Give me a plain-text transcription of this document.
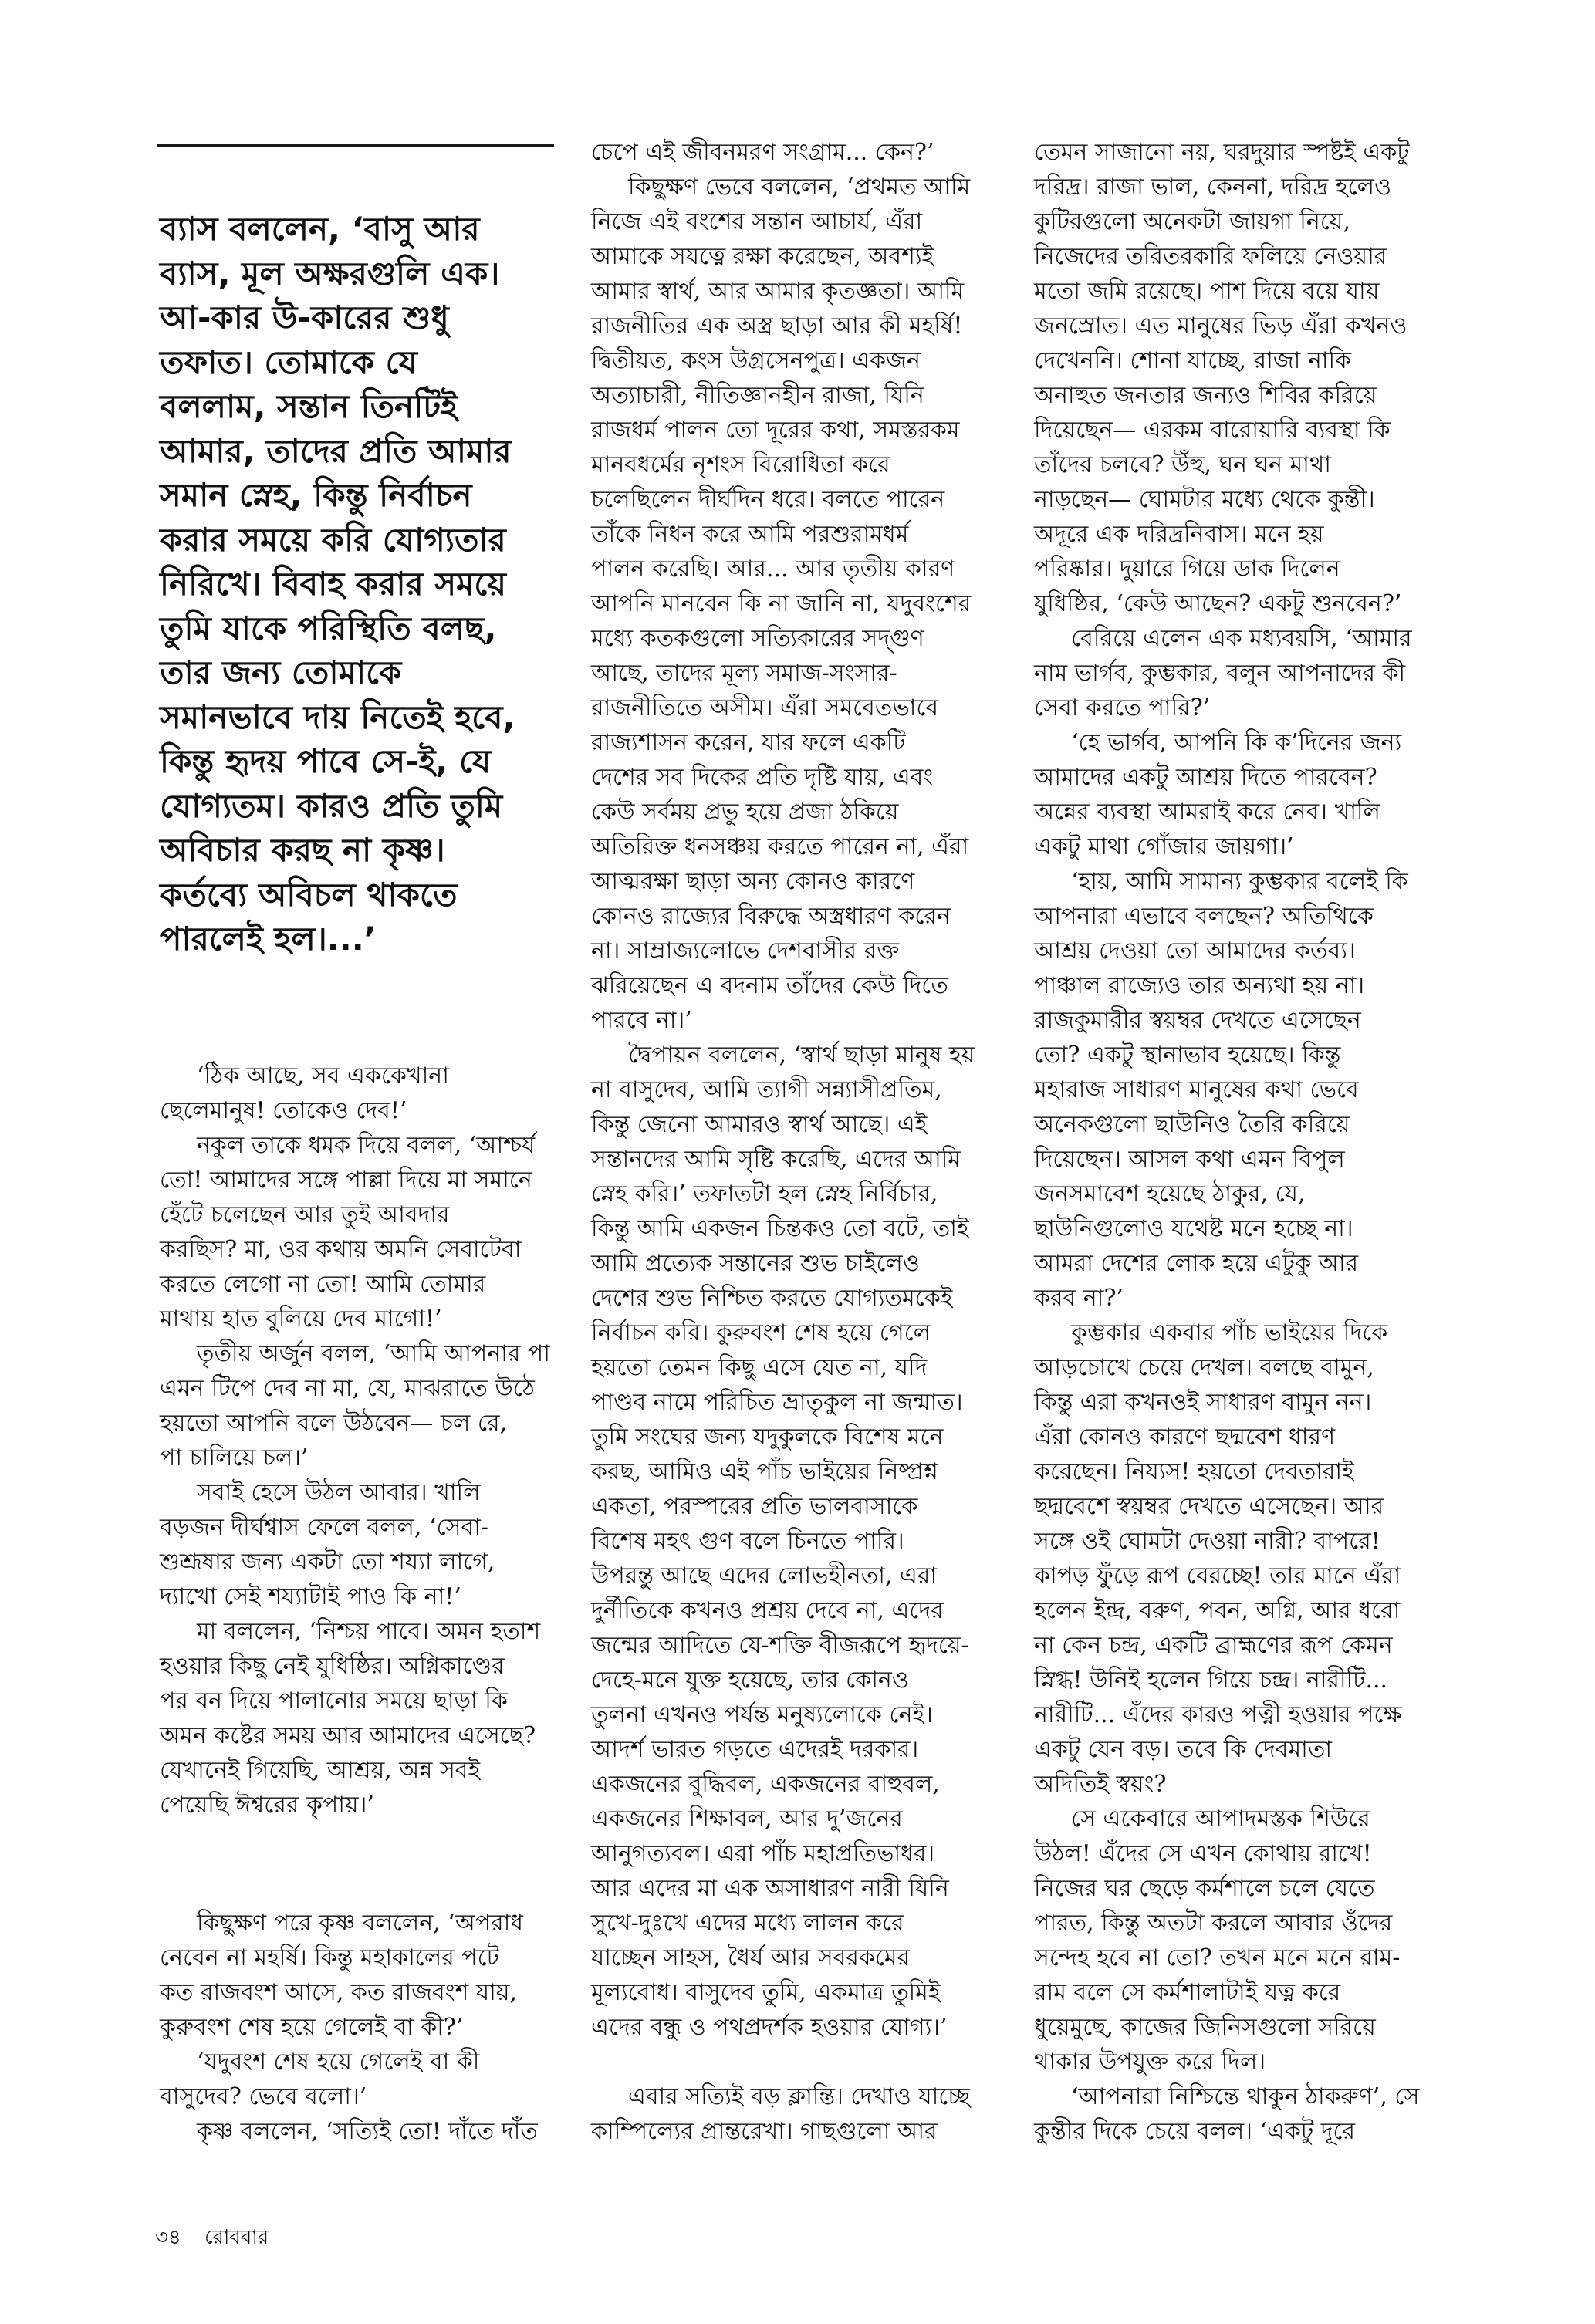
ব্যাস বললেন, ‘বাসু আর
ব্যাস, মূল অক্ষরগুলি এক।
আ-কার উ-কারের শুধু
তফাত। তোমাকে যে
বললাম, সন্তান তিনটিই
আমার, তাদের প্রতি আমার
সমান স্নেহ, কিন্তু নির্বাচন
করার সময়ে করি যোগ্যতার
নিরিখে। বিবাহ করার সময়ে
তুমি যাকে পরিস্থিতি বলছ,
তার জন্য তোমাকে
সমানভাবে দায় নিতেই হবে,
কিন্তু হৃদয় পাবে সে-ই, যে
যোগ্যতম। কারও প্রতি তুমি
অবিচার করছ না কৃষ্ণ।
কর্তব্যে অবিচল থাকতে
পারলেই হল।...’
‘ঠিক আছে, সব এককেখানা
ছেলেমানুষ! তোকেও দেব!’
নকুল তাকে ধমক দিয়ে বলল, ‘আশ্চর্য
তো! আমাদের সঙ্গে পাল্লা দিয়ে মা সমানে
হেঁটে চলেছেন আর তুই আবদার
করছিস? মা, ওর কথায় অমনি সেবাটেবা
করতে লেগো না তো! আমি তোমার
মাথায় হাত বুলিয়ে দেব মাগো!’
তৃতীয় অর্জুন বলল, ‘আমি আপনার পা
এমন টিপে দেব না মা, যে, মাঝরাতে উঠে
হয়তো আপনি বলে উঠবেন— চল রে,
পা চালিয়ে চল।’
সবাই হেসে উঠল আবার। খালি
বড়জন দীর্ঘশ্বাস ফেলে বলল, ‘সেবা-
শুশ্রূষার জন্য একটা তো শয্যা লাগে,
দ্যাখো সেই শয্যাটাই পাও কি না!’
মা বললেন, ‘নিশ্চয় পাবে। অমন হতাশ
হওয়ার কিছু নেই যুধিষ্ঠির। অগ্নিকাণ্ডের
পর বন দিয়ে পালানোর সময়ে ছাড়া কি
অমন কষ্টের সময় আর আমাদের এসেছে?
যেখানেই গিয়েছি, আশ্রয়, অন্ন সবই
পেয়েছি ঈশ্বরের কৃপায়।’
কিছুক্ষণ পরে কৃষ্ণ বললেন, ‘অপরাধ
নেবেন না মহর্ষি। কিন্তু মহাকালের পটে
কত রাজবংশ আসে, কত রাজবংশ যায়,
কুরুবংশ শেষ হয়ে গেলেই বা কী?’
‘যদুবংশ শেষ হয়ে গেলেই বা কী
বাসুদেব? ভেবে বলো।’
কৃষ্ণ বললেন, ‘সত্যিই তো! দাঁতে দাঁত
চেপে এই জীবনমরণ সংগ্রাম... কেন?’
কিছুক্ষণ ভেবে বললেন, ‘প্রথমত আমি
নিজে এই বংশের সন্তান আচার্য, এঁরা
আমাকে সযত্নে রক্ষা করেছেন, অবশ্যই
আমার স্বার্থ, আর আমার কৃতজ্ঞতা। আমি
রাজনীতির এক অস্ত্র ছাড়া আর কী মহর্ষি!
দ্বিতীয়ত, কংস উগ্রসেনপুত্র। একজন
অত্যাচারী, নীতিজ্ঞানহীন রাজা, যিনি
রাজধর্ম পালন তো দূরের কথা, সমস্তরকম
মানবধর্মের নৃশংস বিরোধিতা করে
চলেছিলেন দীর্ঘদিন ধরে। বলতে পারেন
তাঁকে নিধন করে আমি পরশুরামধর্ম
পালন করেছি। আর... আর তৃতীয় কারণ
আপনি মানবেন কি না জানি না, যদুবংশের
মধ্যে কতকগুলো সত্যিকারের সদ্গুণ
আছে, তাদের মূল্য সমাজ-সংসার-
রাজনীতিতে অসীম। এঁরা সমবেতভাবে
রাজ্যশাসন করেন, যার ফলে একটি
দেশের সব দিকের প্রতি দৃষ্টি যায়, এবং
কেউ সর্বময় প্রভু হয়ে প্রজা ঠকিয়ে
অতিরিক্ত ধনসঞ্চয় করতে পারেন না, এঁরা
আত্মরক্ষা ছাড়া অন্য কোনও কারণে
কোনও রাজ্যের বিরুদ্ধে অস্ত্রধারণ করেন
না। সাম্রাজ্যলোভে দেশবাসীর রক্ত
ঝরিয়েছেন এ বদনাম তাঁদের কেউ দিতে
পারবে না।’
দ্বৈপায়ন বললেন, ‘স্বার্থ ছাড়া মানুষ হয়
না বাসুদেব, আমি ত্যাগী সন্ন্যাসীপ্রতিম,
কিন্তু জেনো আমারও স্বার্থ আছে। এই
সন্তানদের আমি সৃষ্টি করেছি, এদের আমি
স্নেহ করি।’ তফাতটা হল স্নেহ নির্বিচার,
কিন্তু আমি একজন চিন্তকও তো বটে, তাই
আমি প্রত্যেক সন্তানের শুভ চাইলেও
দেশের শুভ নিশ্চিত করতে যোগ্যতমকেই
নির্বাচন করি। কুরুবংশ শেষ হয়ে গেলে
হয়তো তেমন কিছু এসে যেত না, যদি
পাণ্ডব নামে পরিচিত ভ্রাতৃকুল না জন্মাত।
তুমি সংঘের জন্য যদুকুলকে বিশেষ মনে
করছ, আমিও এই পাঁচ ভাইয়ের নিষ্প্রশ্ন
একতা, পরস্পরের প্রতি ভালবাসাকে
বিশেষ মহৎ গুণ বলে চিনতে পারি।
উপরন্তু আছে এদের লোভহীনতা, এরা
দুর্নীতিকে কখনও প্রশ্রয় দেবে না, এদের
জন্মের আদিতে যে-শক্তি বীজরূপে হৃদয়ে-
দেহে-মনে যুক্ত হয়েছে, তার কোনও
তুলনা এখনও পর্যন্ত মনুষ্যলোকে নেই।
আদর্শ ভারত গড়তে এদেরই দরকার।
একজনের বুদ্ধিবল, একজনের বাহুবল,
একজনের শিক্ষাবল, আর দু’জনের
আনুগত্যবল। এরা পাঁচ মহাপ্রতিভাধর।
আর এদের মা এক অসাধারণ নারী যিনি
সুখে-দুঃখে এদের মধ্যে লালন করে
যাচ্ছেন সাহস, ধৈর্য আর সবরকমের
মূল্যবোধ। বাসুদেব তুমি, একমাত্র তুমিই
এদের বন্ধু ও পথপ্রদর্শক হওয়ার যোগ্য।’
এবার সত্যিই বড় ক্লান্তি। দেখাও যাচ্ছে
কাম্পিল্যের প্রান্তরেখা। গাছগুলো আর
তেমন সাজানো নয়, ঘরদুয়ার স্পষ্টই একটু
দরিদ্র। রাজা ভাল, কেননা, দরিদ্র হলেও
কুটিরগুলো অনেকটা জায়গা নিয়ে,
নিজেদের তরিতরকারি ফলিয়ে নেওয়ার
মতো জমি রয়েছে। পাশ দিয়ে বয়ে যায়
জনস্রোত। এত মানুষের ভিড় এঁরা কখনও
দেখেননি। শোনা যাচ্ছে, রাজা নাকি
অনাহুত জনতার জন্যও শিবির করিয়ে
দিয়েছেন— এরকম বারোয়ারি ব্যবস্থা কি
তাঁদের চলবে? উঁহু, ঘন ঘন মাথা
নাড়ছেন— ঘোমটার মধ্যে থেকে কুন্তী।
অদূরে এক দরিদ্রনিবাস। মনে হয়
পরিষ্কার। দুয়ারে গিয়ে ডাক দিলেন
যুধিষ্ঠির, ‘কেউ আছেন? একটু শুনবেন?’
বেরিয়ে এলেন এক মধ্যবয়সি, ‘আমার
নাম ভার্গব, কুম্ভকার, বলুন আপনাদের কী
সেবা করতে পারি?’
‘হে ভার্গব, আপনি কি ক’দিনের জন্য
আমাদের একটু আশ্রয় দিতে পারবেন?
অন্নের ব্যবস্থা আমরাই করে নেব। খালি
একটু মাথা গোঁজার জায়গা।’
‘হায়, আমি সামান্য কুম্ভকার বলেই কি
আপনারা এভাবে বলছেন? অতিথিকে
আশ্রয় দেওয়া তো আমাদের কর্তব্য।
পাঞ্চাল রাজ্যেও তার অন্যথা হয় না।
রাজকুমারীর স্বয়ম্বর দেখতে এসেছেন
তো? একটু স্থানাভাব হয়েছে। কিন্তু
মহারাজ সাধারণ মানুষের কথা ভেবে
অনেকগুলো ছাউনিও তৈরি করিয়ে
দিয়েছেন। আসল কথা এমন বিপুল
জনসমাবেশ হয়েছে ঠাকুর, যে,
ছাউনিগুলোও যথেষ্ট মনে হচ্ছে না।
আমরা দেশের লোক হয়ে এটুকু আর
করব না?’
কুম্ভকার একবার পাঁচ ভাইয়ের দিকে
আড়চোখে চেয়ে দেখল। বলছে বামুন,
কিন্তু এরা কখনওই সাধারণ বামুন নন।
এঁরা কোনও কারণে ছদ্মবেশ ধারণ
করেছেন। নিয্যস! হয়তো দেবতারাই
ছদ্মবেশে স্বয়ম্বর দেখতে এসেছেন। আর
সঙ্গে ওই ঘোমটা দেওয়া নারী? বাপরে!
কাপড় ফুঁড়ে রূপ বেরচ্ছে! তার মানে এঁরা
হলেন ইন্দ্র, বরুণ, পবন, অগ্নি, আর ধরো
না কেন চন্দ্র, একটি ব্রাহ্মণের রূপ কেমন
স্নিগ্ধ! উনিই হলেন গিয়ে চন্দ্র। নারীটি...
নারীটি... এঁদের কারও পত্নী হওয়ার পক্ষে
একটু যেন বড়। তবে কি দেবমাতা
অদিতিই স্বয়ং?
সে একেবারে আপাদমস্তক শিউরে
উঠল! এঁদের সে এখন কোথায় রাখে!
নিজের ঘর ছেড়ে কর্মশালে চলে যেতে
পারত, কিন্তু অতটা করলে আবার ওঁদের
সন্দেহ হবে না তো? তখন মনে মনে রাম-
রাম বলে সে কর্মশালাটাই যত্ন করে
ধুয়েমুছে, কাজের জিনিসগুলো সরিয়ে
থাকার উপযুক্ত করে দিল।
‘আপনারা নিশ্চিন্তে থাকুন ঠাকরুণ’, সে
কুন্তীর দিকে চেয়ে বলল। ‘একটু দূরে
৩৪ রোববার
